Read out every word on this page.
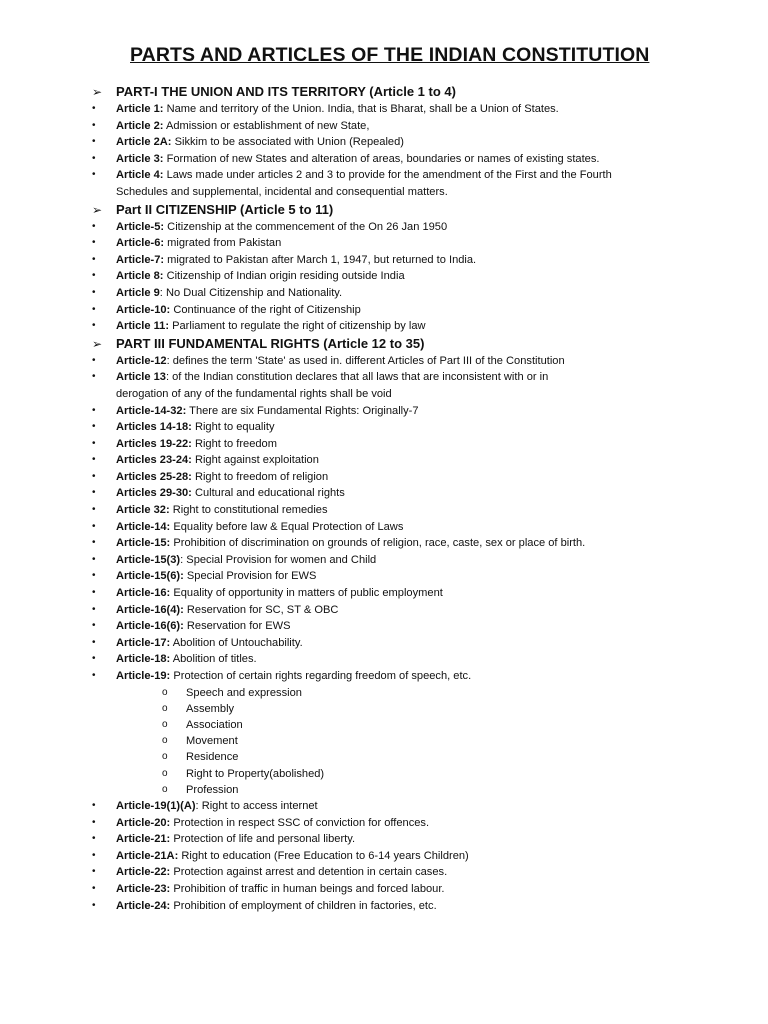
PARTS AND ARTICLES OF THE INDIAN CONSTITUTION
➢ PART-I THE UNION AND ITS TERRITORY (Article 1 to 4)
• Article 1: Name and territory of the Union. India, that is Bharat, shall be a Union of States.
• Article 2: Admission or establishment of new State,
• Article 2A: Sikkim to be associated with Union (Repealed)
• Article 3: Formation of new States and alteration of areas, boundaries or names of existing states.
• Article 4: Laws made under articles 2 and 3 to provide for the amendment of the First and the Fourth
Schedules and supplemental, incidental and consequential matters.
➢ Part II CITIZENSHIP (Article 5 to 11)
• Article-5: Citizenship at the commencement of the On 26 Jan 1950
• Article-6: migrated from Pakistan
• Article-7: migrated to Pakistan after March 1, 1947, but returned to India.
• Article 8: Citizenship of Indian origin residing outside India
• Article 9: No Dual Citizenship and Nationality.
• Article-10: Continuance of the right of Citizenship
• Article 11: Parliament to regulate the right of citizenship by law
➢ PART III FUNDAMENTAL RIGHTS (Article 12 to 35)
• Article-12: defines the term 'State' as used in. different Articles of Part III of the Constitution
• Article 13: of the Indian constitution declares that all laws that are inconsistent with or in
derogation of any of the fundamental rights shall be void
• Article-14-32: There are six Fundamental Rights: Originally-7
• Articles 14-18: Right to equality
• Articles 19-22: Right to freedom
• Articles 23-24: Right against exploitation
• Articles 25-28: Right to freedom of religion
• Articles 29-30: Cultural and educational rights
• Article 32: Right to constitutional remedies
• Article-14: Equality before law & Equal Protection of Laws
• Article-15: Prohibition of discrimination on grounds of religion, race, caste, sex or place of birth.
• Article-15(3): Special Provision for women and Child
• Article-15(6): Special Provision for EWS
• Article-16: Equality of opportunity in matters of public employment
• Article-16(4): Reservation for SC, ST & OBC
• Article-16(6): Reservation for EWS
• Article-17: Abolition of Untouchability.
• Article-18: Abolition of titles.
• Article-19: Protection of certain rights regarding freedom of speech, etc.
o Speech and expression
o Assembly
o Association
o Movement
o Residence
o Right to Property(abolished)
o Profession
• Article-19(1)(A): Right to access internet
• Article-20: Protection in respect SSC of conviction for offences.
• Article-21: Protection of life and personal liberty.
• Article-21A: Right to education (Free Education to 6-14 years Children)
• Article-22: Protection against arrest and detention in certain cases.
• Article-23: Prohibition of traffic in human beings and forced labour.
• Article-24: Prohibition of employment of children in factories, etc.
